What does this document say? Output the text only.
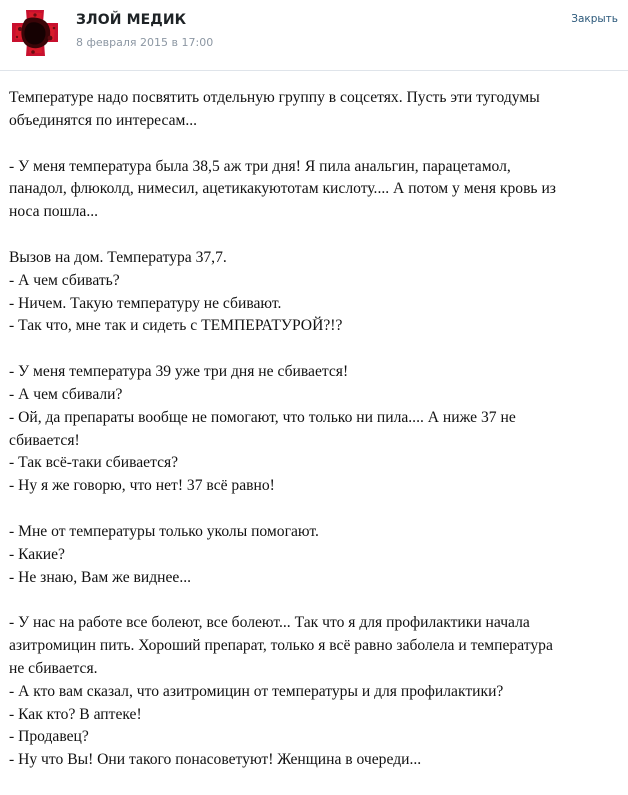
ЗЛОЙ МЕДИК
8 февраля 2015 в 17:00
Закрыть
Температуре надо посвятить отдельную группу в соцсетях. Пусть эти тугодумы
объединятся по интересам...
- У меня температура была 38,5 аж три дня! Я пила анальгин, парацетамол,
панадол, флюколд, нимесил, ацетикакуютотам кислоту.... А потом у меня кровь из
носа пошла...
Вызов на дом. Температура 37,7.
- А чем сбивать?
- Ничем. Такую температуру не сбивают.
- Так что, мне так и сидеть с ТЕМПЕРАТУРОЙ?!?
- У меня температура 39 уже три дня не сбивается!
- А чем сбивали?
- Ой, да препараты вообще не помогают, что только ни пила.... А ниже 37 не
сбивается!
- Так всё-таки сбивается?
- Ну я же говорю, что нет! 37 всё равно!
- Мне от температуры только уколы помогают.
- Какие?
- Не знаю, Вам же виднее...
- У нас на работе все болеют, все болеют... Так что я для профилактики начала
азитромицин пить. Хороший препарат, только я всё равно заболела и температура
не сбивается.
- А кто вам сказал, что азитромицин от температуры и для профилактики?
- Как кто? В аптеке!
- Продавец?
- Ну что Вы! Они такого понасоветуют! Женщина в очереди...
